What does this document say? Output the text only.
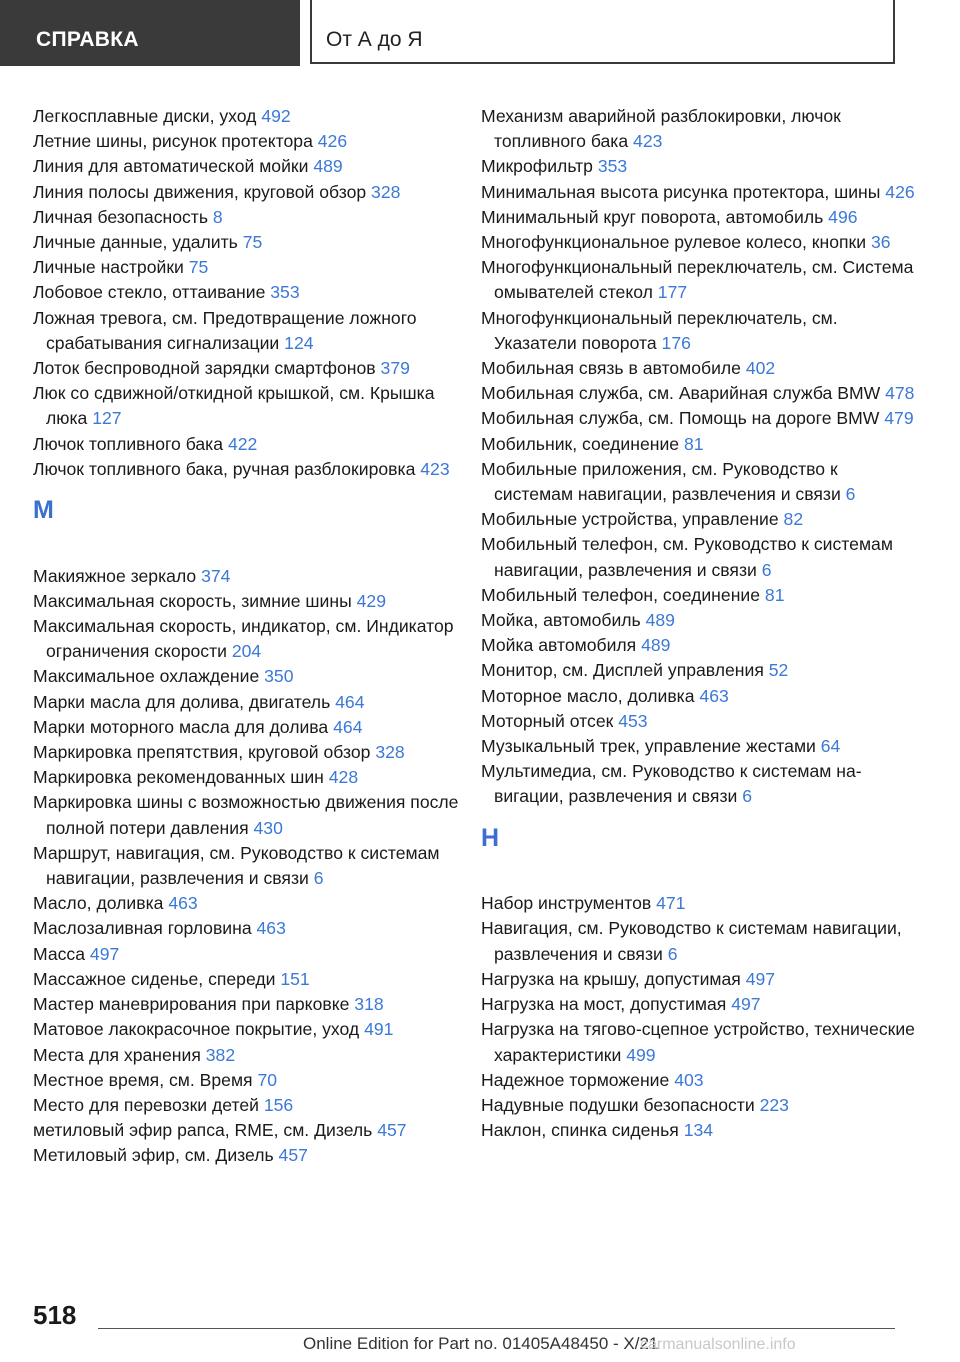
СПРАВКА	От А до Я

Легкосплавные диски, уход 492

Летние шины, рисунок протектора 426

Линия для автоматической мойки 489

Линия полосы движения, круговой обзор 328

Личная безопасность 8

Личные данные, удалить 75

Личные настройки 75

Лобовое стекло, оттаивание 353

Ложная тревога, см. Предотвращение ложного срабатывания сигнализации 124

Лоток беспроводной зарядки смартфонов 379

Люк со сдвижной/откидной крышкой, см. Крышка люка 127

Лючок топливного бака 422

Лючок топливного бака, ручная разблокировка 423

М

Макияжное зеркало 374

Максимальная скорость, зимние шины 429

Максимальная скорость, индикатор, см. Индикатор ограничения скорости 204

Максимальное охлаждение 350

Марки масла для долива, двигатель 464

Марки моторного масла для долива 464

Маркировка препятствия, круговой обзор 328

Маркировка рекомендованных шин 428

Маркировка шины с возможностью движения после полной потери давления 430

Маршрут, навигация, см. Руководство к системам навигации, развлечения и связи 6

Масло, доливка 463

Маслозаливная горловина 463

Масса 497

Массажное сиденье, спереди 151

Мастер маневрирования при парковке 318

Матовое лакокрасочное покрытие, уход 491

Места для хранения 382

Местное время, см. Время 70

Место для перевозки детей 156

метиловый эфир рапса, RME, см. Дизель 457

Метиловый эфир, см. Дизель 457

Механизм аварийной разблокировки, лючок топливного бака 423

Микрофильтр 353

Минимальная высота рисунка протектора, шины 426

Минимальный круг поворота, автомобиль 496

Многофункциональное рулевое колесо, кнопки 36

Многофункциональный переключатель, см. Система омывателей стекол 177

Многофункциональный переключатель, см. Указатели поворота 176

Мобильная связь в автомобиле 402

Мобильная служба, см. Аварийная служба BMW 478

Мобильная служба, см. Помощь на дороге BMW 479

Мобильник, соединение 81

Мобильные приложения, см. Руководство к системам навигации, развлечения и связи 6

Мобильные устройства, управление 82

Мобильный телефон, см. Руководство к системам навигации, развлечения и связи 6

Мобильный телефон, соединение 81

Мойка, автомобиль 489

Мойка автомобиля 489

Монитор, см. Дисплей управления 52

Моторное масло, доливка 463

Моторный отсек 453

Музыкальный трек, управление жестами 64

Мультимедиа, см. Руководство к системам навигации, развлечения и связи 6

Н

Набор инструментов 471

Навигация, см. Руководство к системам навигации, развлечения и связи 6

Нагрузка на крышу, допустимая 497

Нагрузка на мост, допустимая 497

Нагрузка на тягово-сцепное устройство, технические характеристики 499

Надежное торможение 403

Надувные подушки безопасности 223

Наклон, спинка сиденья 134

518
Online Edition for Part no. 01405A48450 - X/21
carmanualsonline.info
